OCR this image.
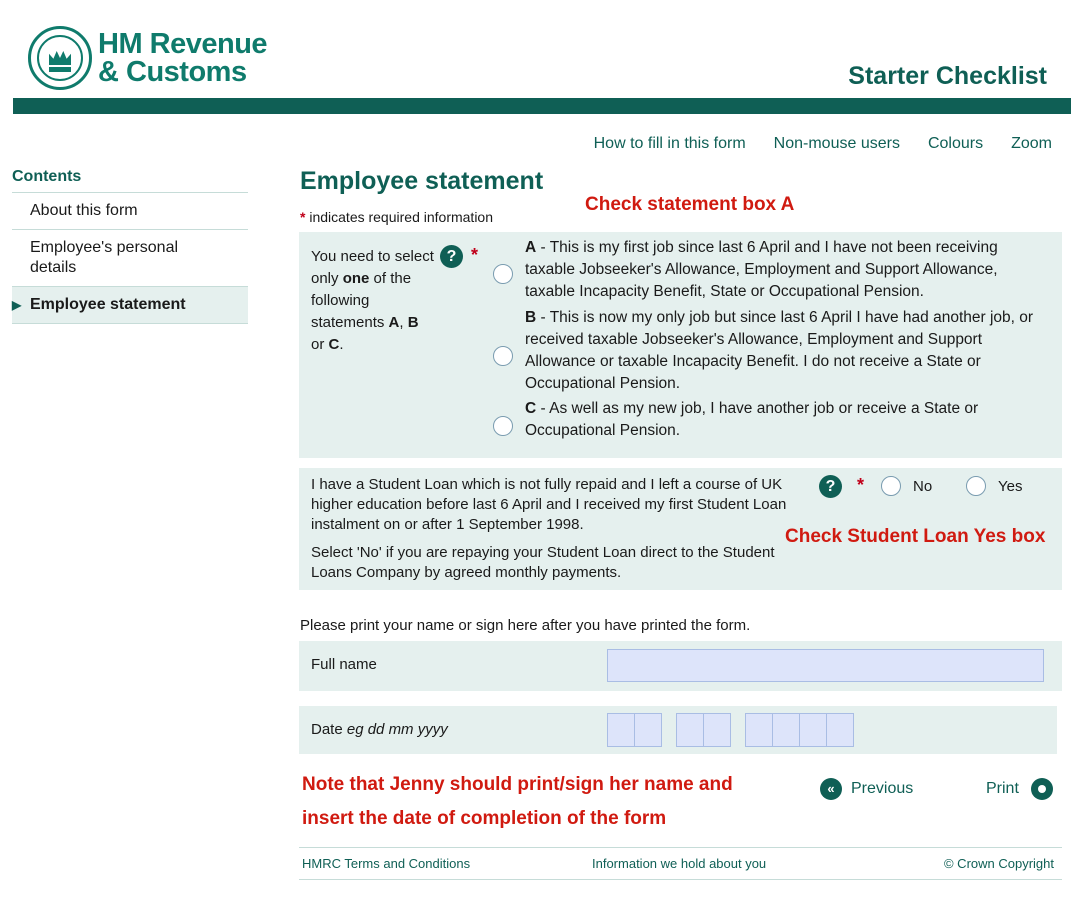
HM Revenue
& Customs	Starter Checklist
How to fill in this form Non-mouse users Colours Zoom
Contents
About this form
Employee's personal details
▶ Employee statement
Employee statement
* indicates required information
Check statement box A
You need to select only one of the following statements A, B or C.
? *	A - This is my first job since last 6 April and I have not been receiving taxable Jobseeker's Allowance, Employment and Support Allowance, taxable Incapacity Benefit, State or Occupational Pension.
B - This is now my only job but since last 6 April I have had another job, or received taxable Jobseeker's Allowance, Employment and Support Allowance or taxable Incapacity Benefit. I do not receive a State or Occupational Pension.
C - As well as my new job, I have another job or receive a State or Occupational Pension.
I have a Student Loan which is not fully repaid and I left a course of UK higher education before last 6 April and I received my first Student Loan instalment on or after 1 September 1998.
Select 'No' if you are repaying your Student Loan direct to the Student Loans Company by agreed monthly payments.
?	*	No	Yes
Check Student Loan Yes box
Please print your name or sign here after you have printed the form.
Full name
Date eg dd mm yyyy
Note that Jenny should print/sign her name and
insert the date of completion of the form
«	Previous	Print
HMRC Terms and Conditions	Information we hold about you	© Crown Copyright
